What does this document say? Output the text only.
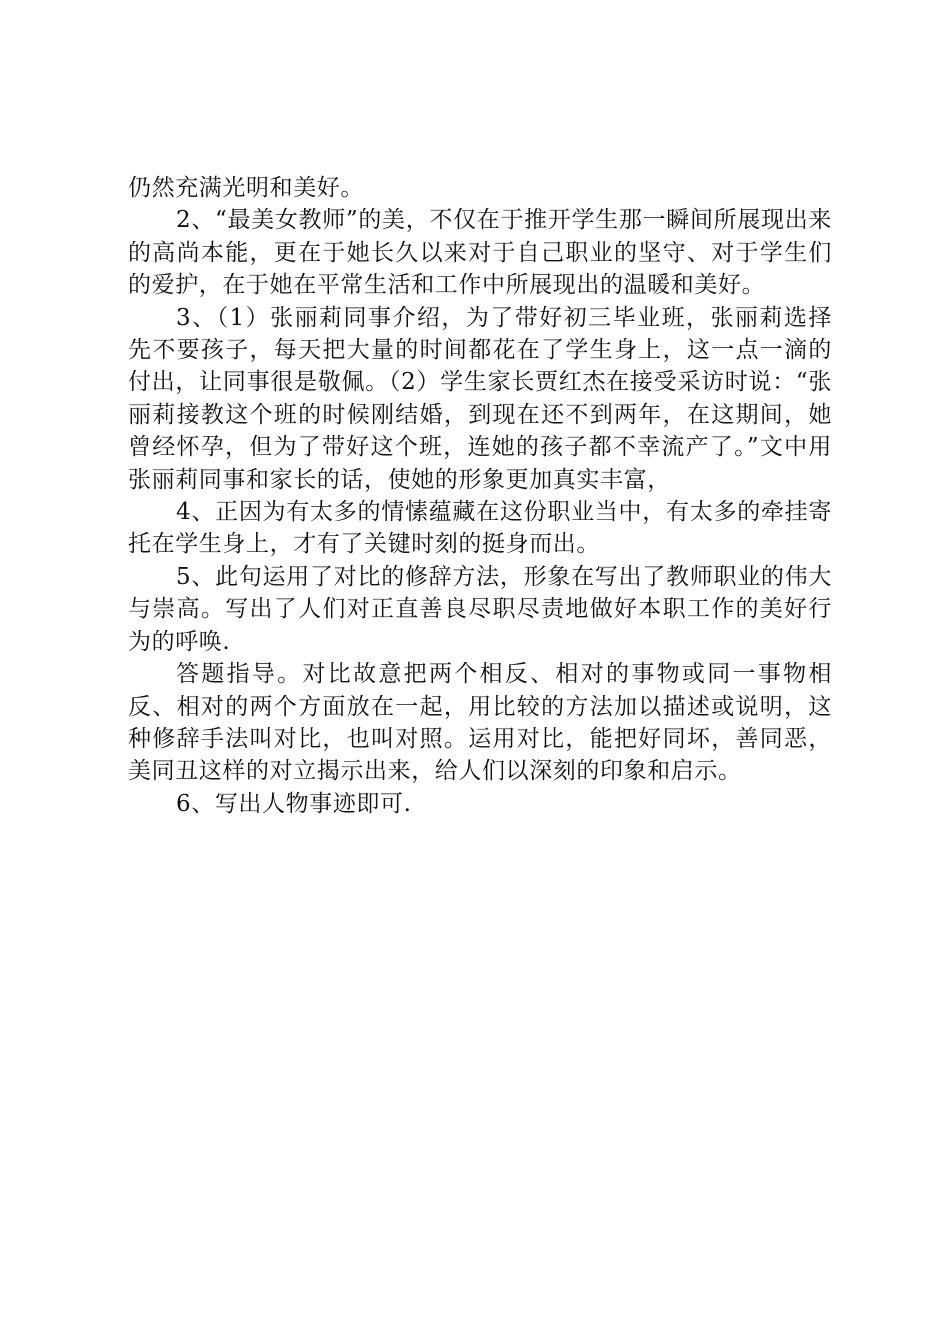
仍然充满光明和美好。

2、“最美女教师”的美，不仅在于推开学生那一瞬间所展现出来的高尚本能，更在于她长久以来对于自己职业的坚守、对于学生们的爱护，在于她在平常生活和工作中所展现出的温暖和美好。

3、（1）张丽莉同事介绍，为了带好初三毕业班，张丽莉选择先不要孩子，每天把大量的时间都花在了学生身上，这一点一滴的付出，让同事很是敬佩。（2）学生家长贾红杰在接受采访时说：“张丽莉接教这个班的时候刚结婚，到现在还不到两年，在这期间，她曾经怀孕，但为了带好这个班，连她的孩子都不幸流产了。”文中用张丽莉同事和家长的话，使她的形象更加真实丰富，

4、正因为有太多的情愫蕴藏在这份职业当中，有太多的牵挂寄托在学生身上，才有了关键时刻的挺身而出。

5、此句运用了对比的修辞方法，形象在写出了教师职业的伟大与崇高。写出了人们对正直善良尽职尽责地做好本职工作的美好行为的呼唤.

答题指导。对比故意把两个相反、相对的事物或同一事物相反、相对的两个方面放在一起，用比较的方法加以描述或说明，这种修辞手法叫对比，也叫对照。运用对比，能把好同坏，善同恶，美同丑这样的对立揭示出来，给人们以深刻的印象和启示。

6、写出人物事迹即可.
